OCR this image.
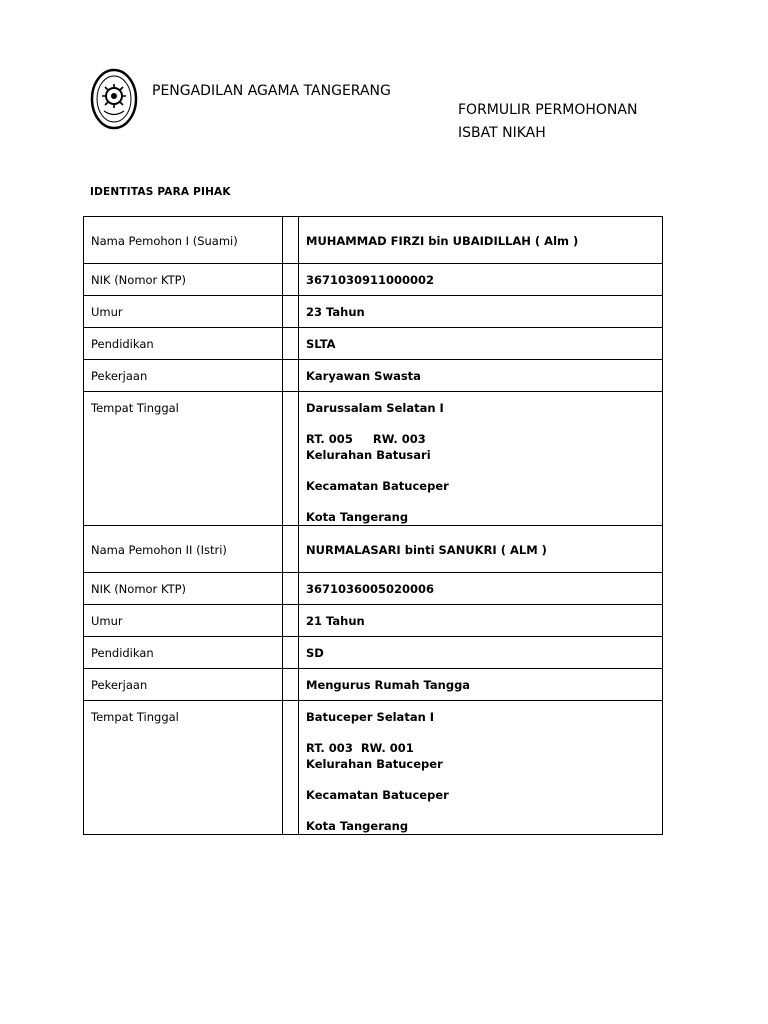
PENGADILAN AGAMA TANGERANG
FORMULIR PERMOHONAN
ISBAT NIKAH
IDENTITAS PARA PIHAK
Nama Pemohon I (Suami)		MUHAMMAD FIRZI bin UBAIDILLAH ( Alm )
NIK (Nomor KTP)		3671030911000002
Umur		23 Tahun
Pendidikan		SLTA
Pekerjaan		Karyawan Swasta
Tempat Tinggal		Darussalam Selatan I
RT. 005     RW. 003
Kelurahan Batusari
Kecamatan Batuceper
Kota Tangerang

Nama Pemohon II (Istri)		NURMALASARI binti SANUKRI ( ALM )
NIK (Nomor KTP)		3671036005020006
Umur		21 Tahun
Pendidikan		SD
Pekerjaan		Mengurus Rumah Tangga
Tempat Tinggal		Batuceper Selatan I
RT. 003  RW. 001
Kelurahan Batuceper
Kecamatan Batuceper
Kota Tangerang
